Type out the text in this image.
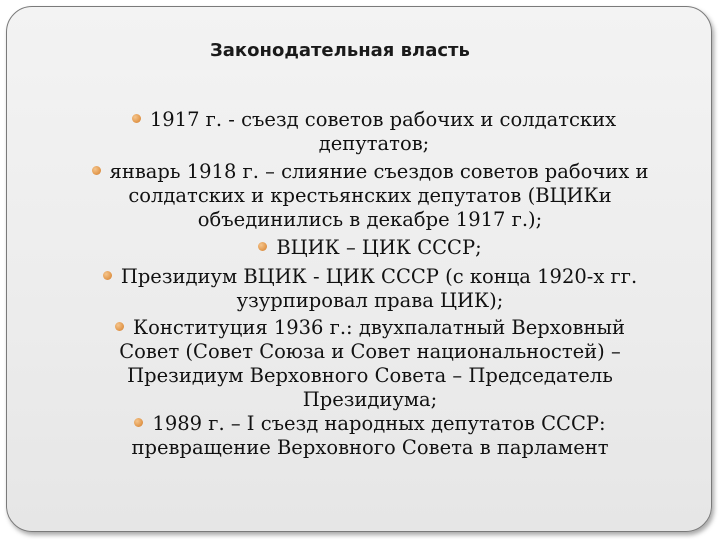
Законодательная власть
1917 г. - съезд советов рабочих и солдатских
депутатов;
январь 1918 г. – слияние съездов советов рабочих и
солдатских и крестьянских депутатов (ВЦИКи
объединились в декабре 1917 г.);
ВЦИК – ЦИК СССР;
Президиум ВЦИК - ЦИК СССР (с конца 1920-х гг.
узурпировал права ЦИК);
Конституция 1936 г.: двухпалатный Верховный
Совет (Совет Союза и Совет национальностей) –
Президиум Верховного Совета – Председатель
Президиума;
1989 г. – I съезд народных депутатов СССР:
превращение Верховного Совета в парламент
